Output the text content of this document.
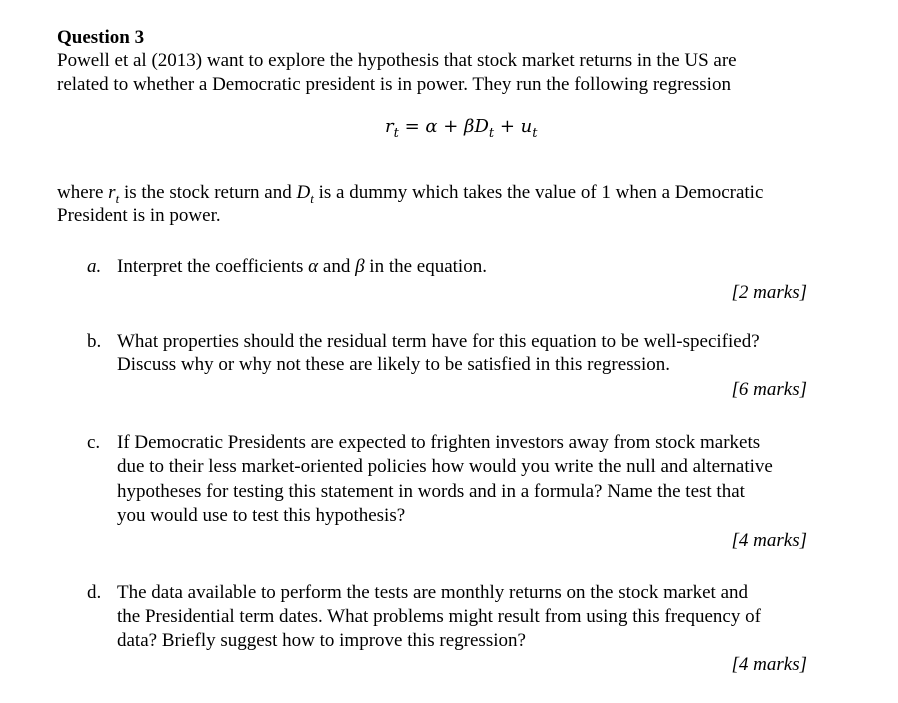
Question 3
Powell et al (2013) want to explore the hypothesis that stock market returns in the US are
related to whether a Democratic president is in power. They run the following regression
$r_t = \alpha + \beta D_t + u_t$
where $r_t$ is the stock return and $D_t$ is a dummy which takes the value of 1 when a Democratic
President is in power.
a. Interpret the coefficients α and β in the equation.
[2 marks]
b. What properties should the residual term have for this equation to be well-specified?
Discuss why or why not these are likely to be satisfied in this regression.
[6 marks]
c. If Democratic Presidents are expected to frighten investors away from stock markets
due to their less market-oriented policies how would you write the null and alternative
hypotheses for testing this statement in words and in a formula? Name the test that
you would use to test this hypothesis?
[4 marks]
d. The data available to perform the tests are monthly returns on the stock market and
the Presidential term dates. What problems might result from using this frequency of
data? Briefly suggest how to improve this regression?
[4 marks]
